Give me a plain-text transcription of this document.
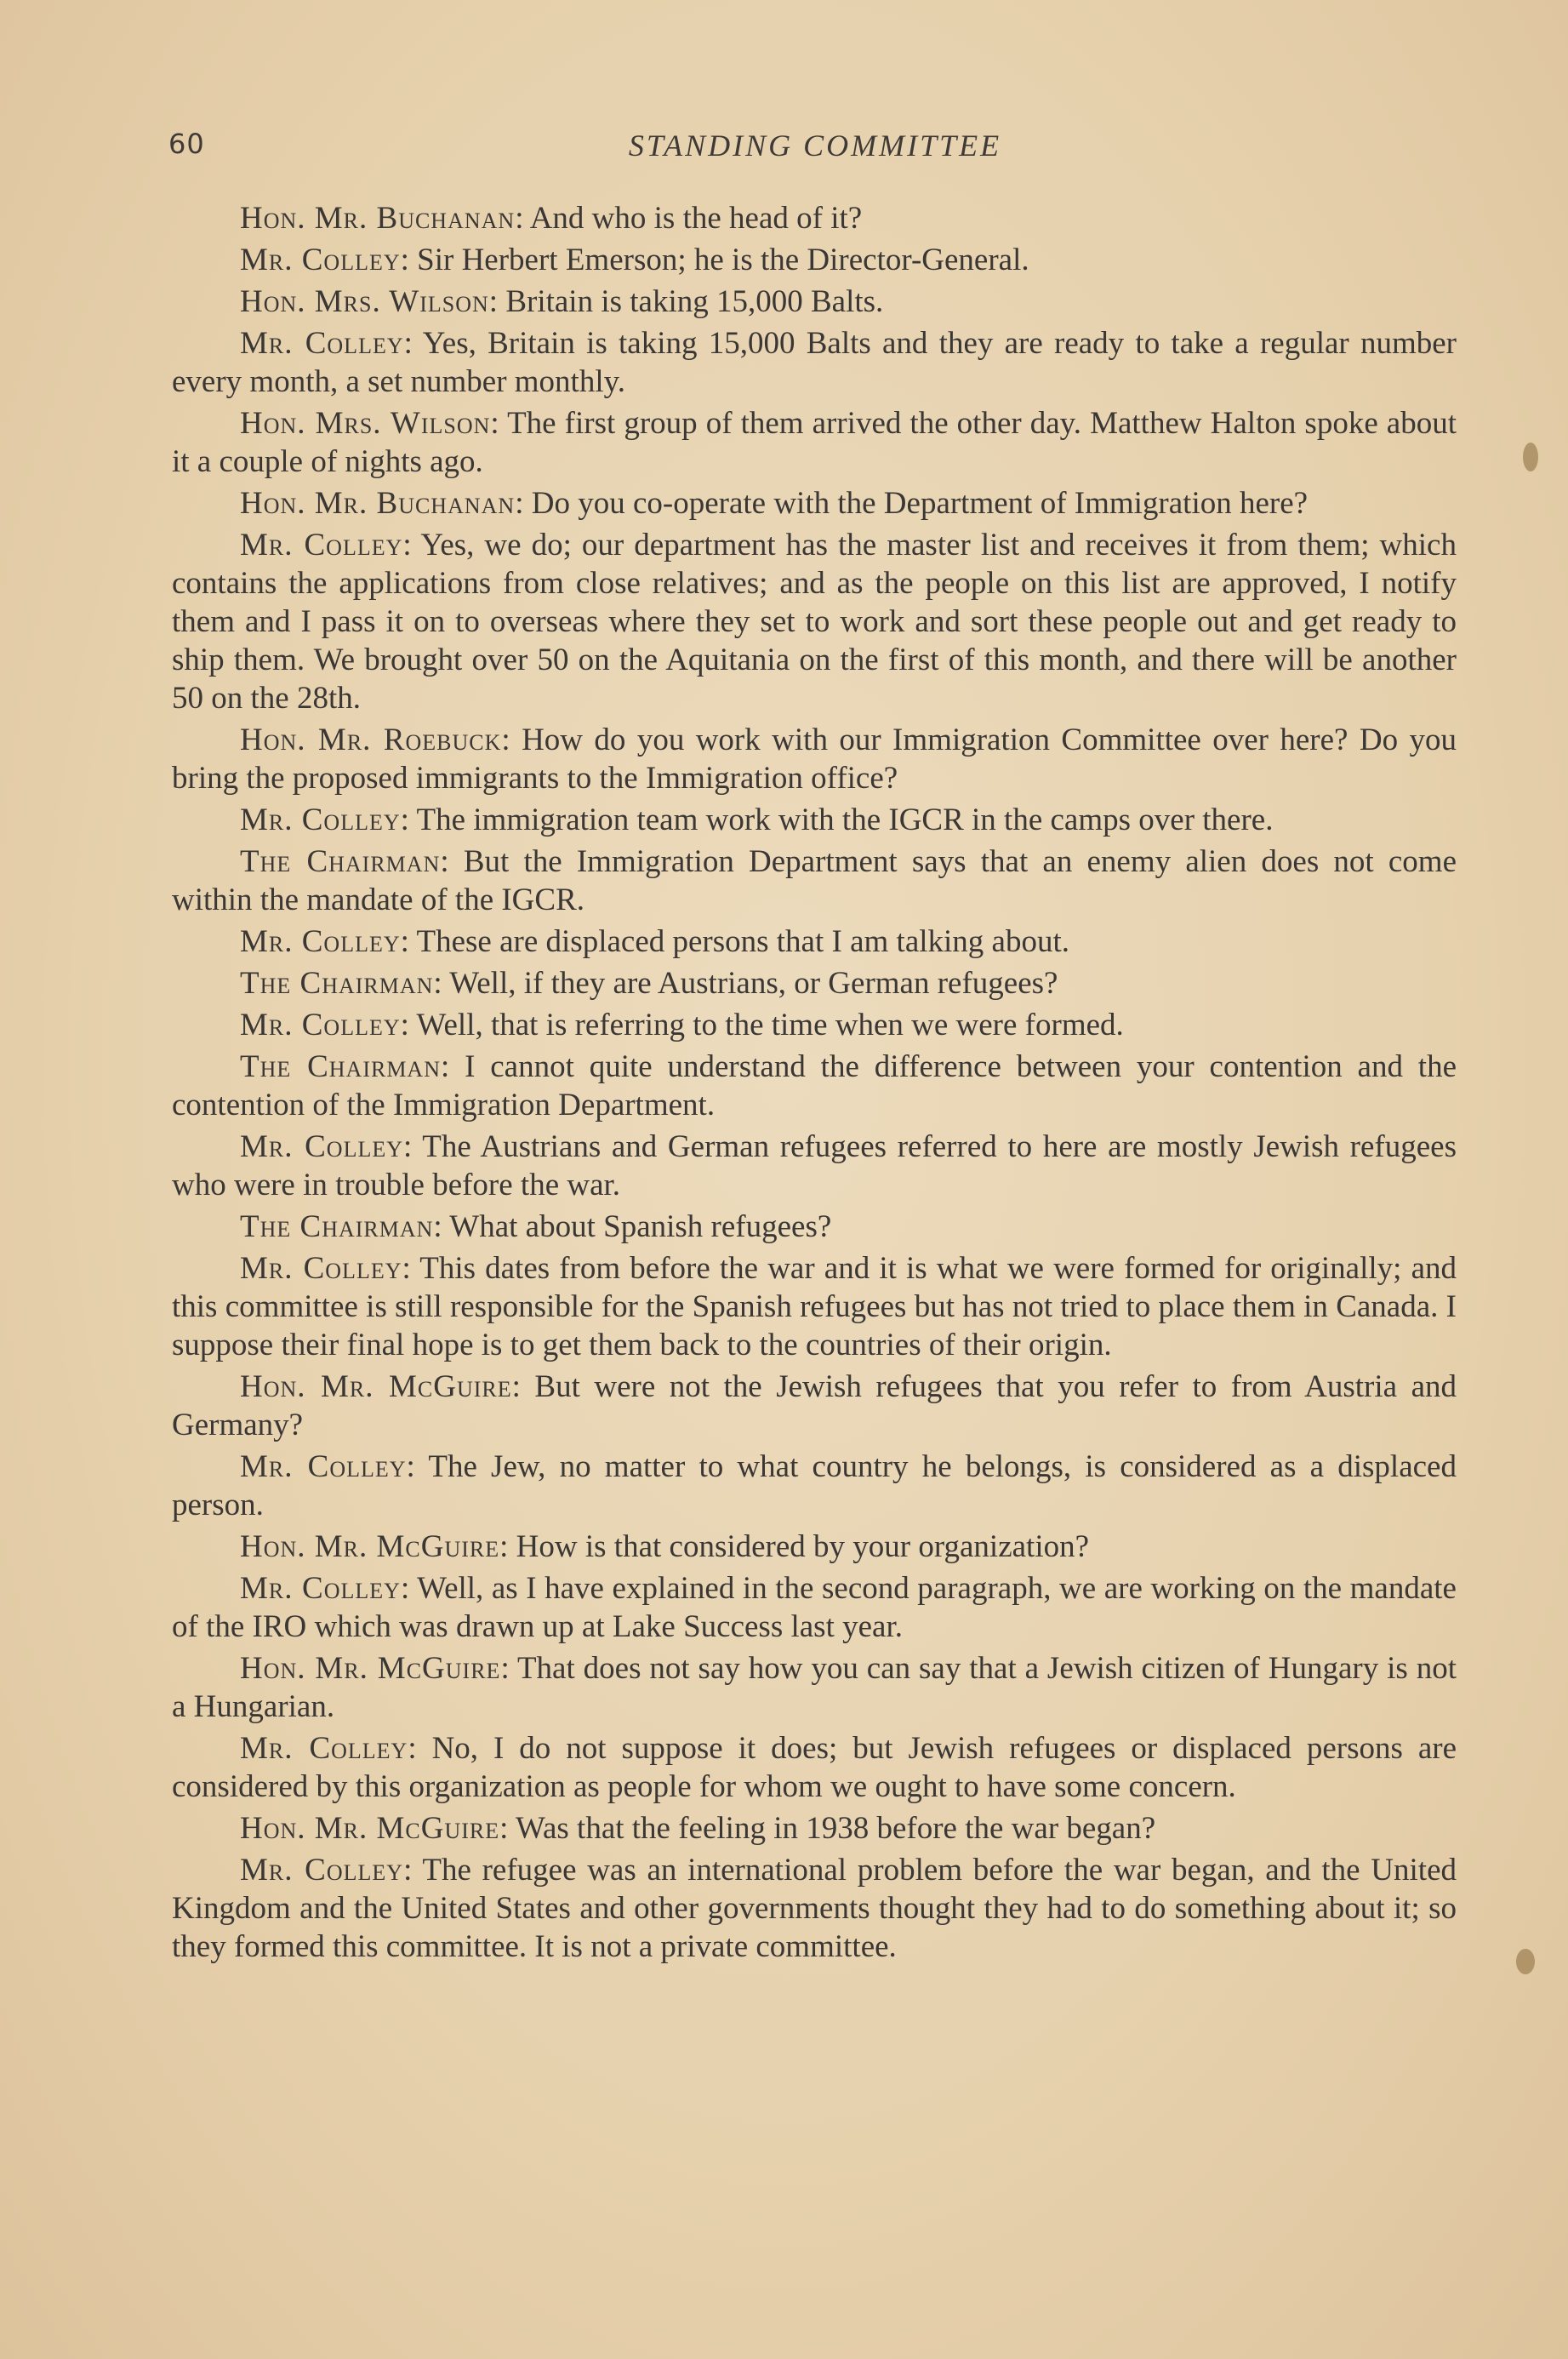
60	STANDING COMMITTEE

Hon. Mr. Buchanan: And who is the head of it?

Mr. Colley: Sir Herbert Emerson; he is the Director-General.

Hon. Mrs. Wilson: Britain is taking 15,000 Balts.

Mr. Colley: Yes, Britain is taking 15,000 Balts and they are ready to take a regular number every month, a set number monthly.

Hon. Mrs. Wilson: The first group of them arrived the other day. Matthew Halton spoke about it a couple of nights ago.

Hon. Mr. Buchanan: Do you co-operate with the Department of Immigration here?

Mr. Colley: Yes, we do; our department has the master list and receives it from them; which contains the applications from close relatives; and as the people on this list are approved, I notify them and I pass it on to overseas where they set to work and sort these people out and get ready to ship them. We brought over 50 on the Aquitania on the first of this month, and there will be another 50 on the 28th.

Hon. Mr. Roebuck: How do you work with our Immigration Committee over here? Do you bring the proposed immigrants to the Immigration office?

Mr. Colley: The immigration team work with the IGCR in the camps over there.

The Chairman: But the Immigration Department says that an enemy alien does not come within the mandate of the IGCR.

Mr. Colley: These are displaced persons that I am talking about.

The Chairman: Well, if they are Austrians, or German refugees?

Mr. Colley: Well, that is referring to the time when we were formed.

The Chairman: I cannot quite understand the difference between your contention and the contention of the Immigration Department.

Mr. Colley: The Austrians and German refugees referred to here are mostly Jewish refugees who were in trouble before the war.

The Chairman: What about Spanish refugees?

Mr. Colley: This dates from before the war and it is what we were formed for originally; and this committee is still responsible for the Spanish refugees but has not tried to place them in Canada. I suppose their final hope is to get them back to the countries of their origin.

Hon. Mr. McGuire: But were not the Jewish refugees that you refer to from Austria and Germany?

Mr. Colley: The Jew, no matter to what country he belongs, is considered as a displaced person.

Hon. Mr. McGuire: How is that considered by your organization?

Mr. Colley: Well, as I have explained in the second paragraph, we are working on the mandate of the IRO which was drawn up at Lake Success last year.

Hon. Mr. McGuire: That does not say how you can say that a Jewish citizen of Hungary is not a Hungarian.

Mr. Colley: No, I do not suppose it does; but Jewish refugees or displaced persons are considered by this organization as people for whom we ought to have some concern.

Hon. Mr. McGuire: Was that the feeling in 1938 before the war began?

Mr. Colley: The refugee was an international problem before the war began, and the United Kingdom and the United States and other governments thought they had to do something about it; so they formed this committee. It is not a private committee.
